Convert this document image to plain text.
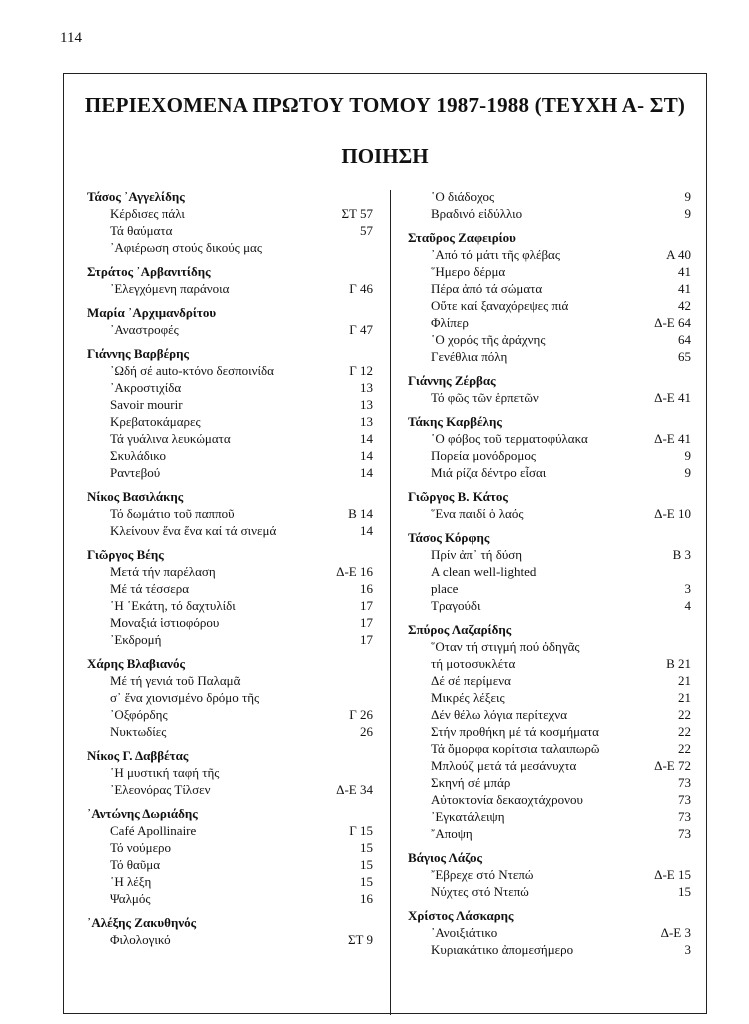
114
ΠΕΡΙΕΧΟΜΕΝΑ ΠΡΩΤΟΥ ΤΟΜΟΥ 1987-1988 (ΤΕΥΧΗ Α- ΣΤ)
ΠΟΙΗΣΗ
Τάσος ᾿Αγγελίδης
Κέρδισες πάλι	ΣΤ 57
Τά θαύματα	57
᾿Αφιέρωση στούς δικούς μας
Στράτος ᾿Αρβανιτίδης
᾿Ελεγχόμενη παράνοια	Γ 46
Μαρία ᾿Αρχιμανδρίτου
᾿Αναστροφές	Γ 47
Γιάννης Βαρβέρης
᾿Ωδή σέ auto-κτόνο δεσποινίδα	Γ 12
᾿Ακροστιχίδα	13
Savoir mourir	13
Κρεβατοκάμαρες	13
Τά γυάλινα λευκώματα	14
Σκυλάδικο	14
Ραντεβού	14
Νίκος Βασιλάκης
Τό δωμάτιο τοῦ παπποῦ	Β 14
Κλείνουν ἕνα ἕνα καί τά σινεμά	14
Γιῶργος Βέης
Μετά τήν παρέλαση	Δ-Ε 16
Μέ τά τέσσερα	16
῾Η ῾Εκάτη, τό δαχτυλίδι	17
Μοναξιά ἱστιοφόρου	17
᾿Εκδρομή	17
Χάρης Βλαβιανός
Μέ τή γενιά τοῦ Παλαμᾶ
σ᾿ ἕνα χιονισμένο δρόμο τῆς
᾿Οξφόρδης	Γ 26
Νυκτωδίες	26
Νίκος Γ. Δαββέτας
῾Η μυστική ταφή τῆς
᾿Ελεονόρας Τίλσεν	Δ-Ε 34
᾿Αντώνης Δωριάδης
Café Apollinaire	Γ 15
Τό νούμερο	15
Τό θαῦμα	15
῾Η λέξη	15
Ψαλμός	16
᾿Αλέξης Ζακυθηνός
Φιλολογικό	ΣΤ 9
῾Ο διάδοχος	9
Βραδινό εἰδύλλιο	9
Σταῦρος Ζαφειρίου
᾿Από τό μάτι τῆς φλέβας	Α 40
῞Ημερο δέρμα	41
Πέρα ἀπό τά σώματα	41
Οὔτε καί ξαναχόρεψες πιά	42
Φλίπερ	Δ-Ε 64
῾Ο χορός τῆς ἀράχνης	64
Γενέθλια πόλη	65
Γιάννης Ζέρβας
Τό φῶς τῶν ἑρπετῶν	Δ-Ε 41
Τάκης Καρβέλης
῾Ο φόβος τοῦ τερματοφύλακα	Δ-Ε 41
Πορεία μονόδρομος	9
Μιά ρίζα δέντρο εἶσαι	9
Γιῶργος Β. Κάτος
῞Ενα παιδί ὁ λαός	Δ-Ε 10
Τάσος Κόρφης
Πρίν ἀπ᾿ τή δύση	Β 3
A clean well-lighted
place	3
Τραγούδι	4
Σπύρος Λαζαρίδης
῞Οταν τή στιγμή πού ὀδηγᾶς
τή μοτοσυκλέτα	Β 21
Δέ σέ περίμενα	21
Μικρές λέξεις	21
Δέν θέλω λόγια περίτεχνα	22
Στήν προθήκη μέ τά κοσμήματα	22
Τά ὄμορφα κορίτσια ταλαιπωρῶ	22
Μπλούζ μετά τά μεσάνυχτα	Δ-Ε 72
Σκηνή σέ μπάρ	73
Αὐτοκτονία δεκαοχτάχρονου	73
᾿Εγκατάλειψη	73
῎Αποψη	73
Βάγιος Λάζος
῎Εβρεχε στό Ντεπώ	Δ-Ε 15
Νύχτες στό Ντεπώ	15
Χρίστος Λάσκαρης
᾿Ανοιξιάτικο	Δ-Ε 3
Κυριακάτικο ἀπομεσήμερο	3
